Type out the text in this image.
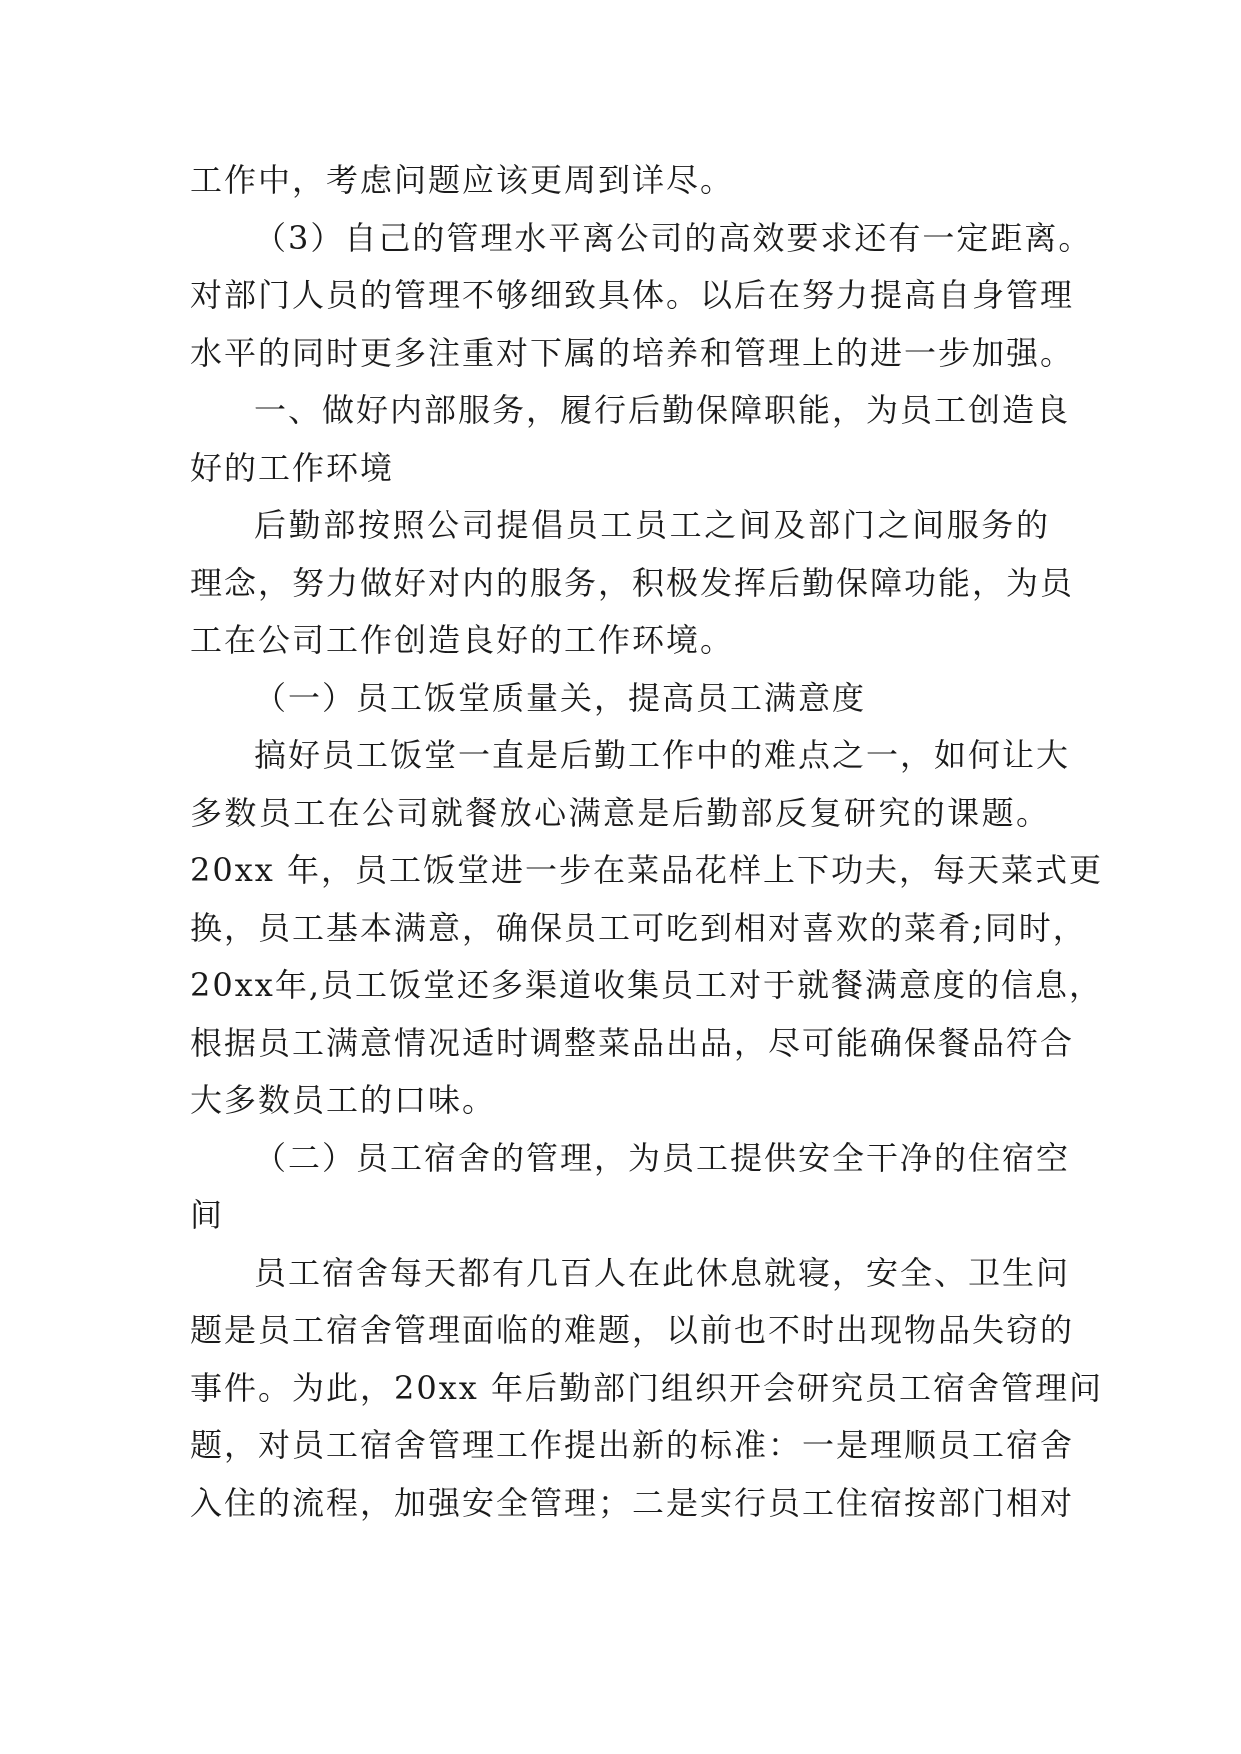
工作中，考虑问题应该更周到详尽。
（3）自己的管理水平离公司的高效要求还有一定距离。
对部门人员的管理不够细致具体。以后在努力提高自身管理
水平的同时更多注重对下属的培养和管理上的进一步加强。
一、做好内部服务，履行后勤保障职能，为员工创造良
好的工作环境
后勤部按照公司提倡员工员工之间及部门之间服务的
理念，努力做好对内的服务，积极发挥后勤保障功能，为员
工在公司工作创造良好的工作环境。
（一）员工饭堂质量关，提高员工满意度
搞好员工饭堂一直是后勤工作中的难点之一，如何让大
多数员工在公司就餐放心满意是后勤部反复研究的课题。
20xx 年，员工饭堂进一步在菜品花样上下功夫，每天菜式更
换，员工基本满意，确保员工可吃到相对喜欢的菜肴;同时，
20xx年,员工饭堂还多渠道收集员工对于就餐满意度的信息，
根据员工满意情况适时调整菜品出品，尽可能确保餐品符合
大多数员工的口味。
（二）员工宿舍的管理，为员工提供安全干净的住宿空
间
员工宿舍每天都有几百人在此休息就寝，安全、卫生问
题是员工宿舍管理面临的难题，以前也不时出现物品失窃的
事件。为此，20xx 年后勤部门组织开会研究员工宿舍管理问
题，对员工宿舍管理工作提出新的标准：一是理顺员工宿舍
入住的流程，加强安全管理；二是实行员工住宿按部门相对
